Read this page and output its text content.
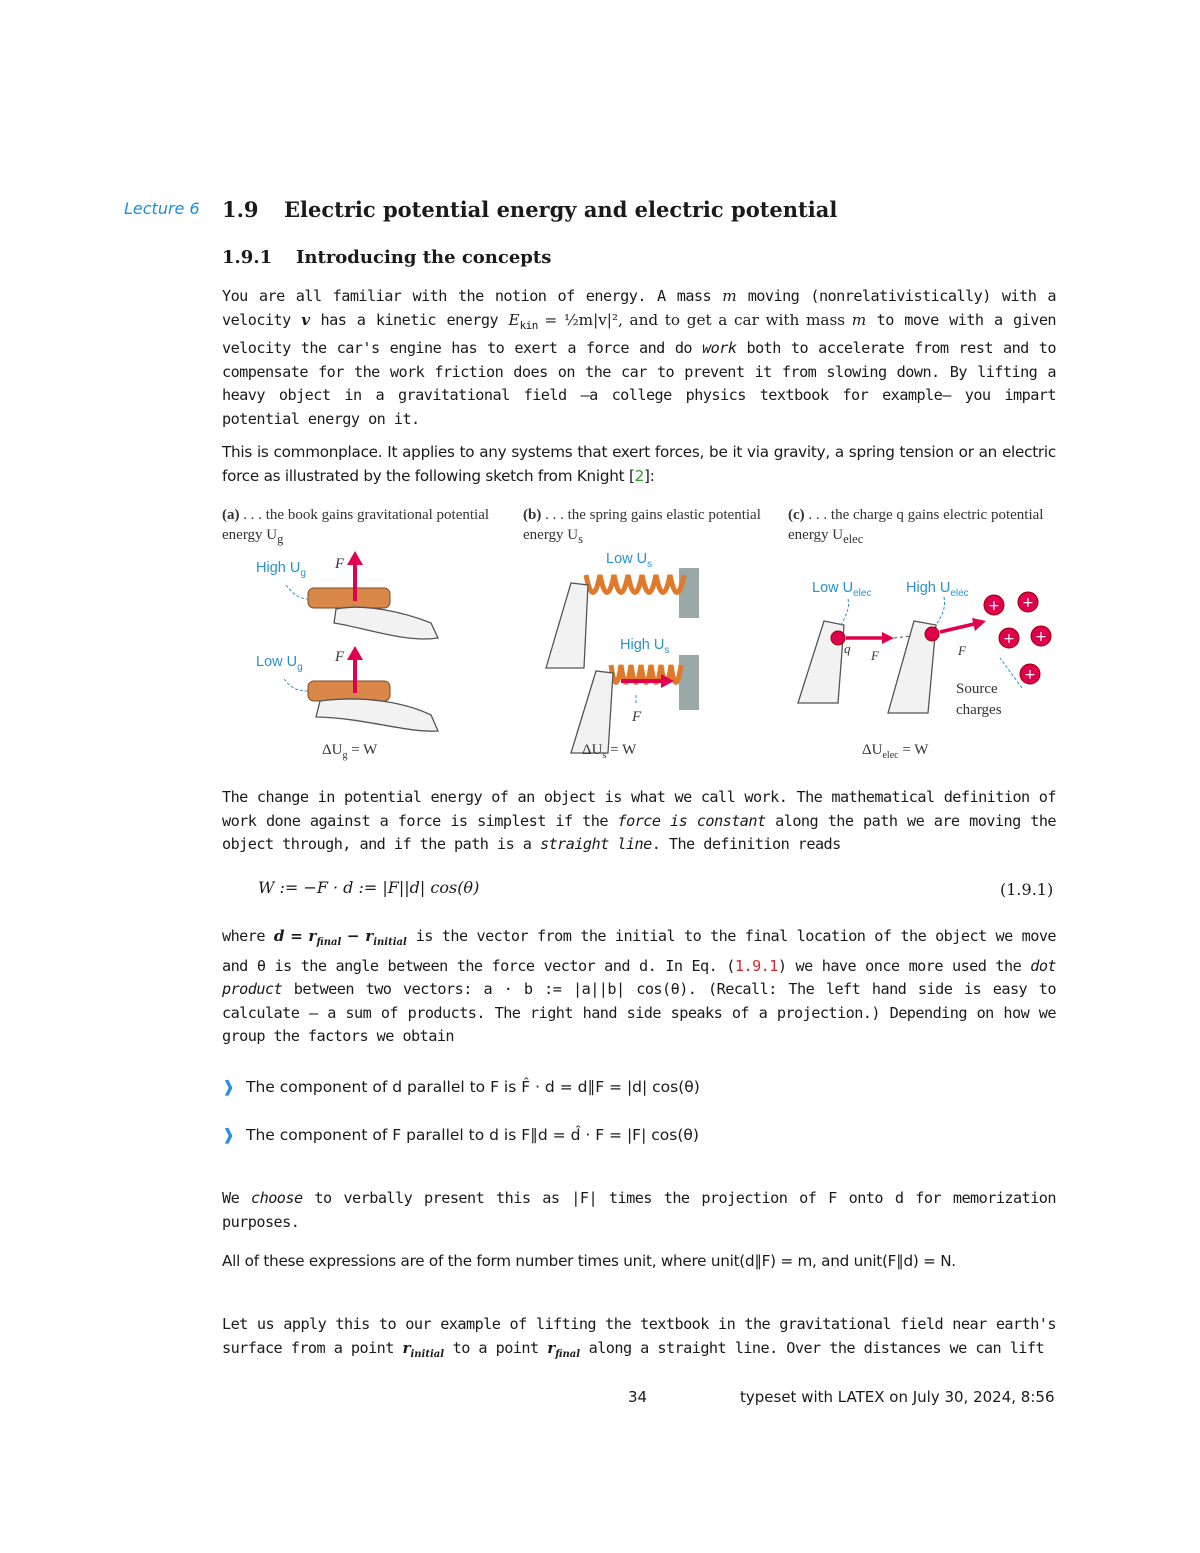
Lecture 6 1.9 Electric potential energy and electric potential
1.9.1 Introducing the concepts
You are all familiar with the notion of energy. A mass m moving (nonrelativistically) with a velocity v has a kinetic energy $E_{kin}$ = ½m|v|², and to get a car with mass m to move with a given velocity the car's engine has to exert a force and do work both to accelerate from rest and to compensate for the work friction does on the car to prevent it from slowing down. By lifting a heavy object in a gravitational field –a college physics textbook for example– you impart potential energy on it.
This is commonplace. It applies to any systems that exert forces, be it via gravity, a spring tension or an electric force as illustrated by the following sketch from Knight [2]:
(a) . . . the book gains gravitational potential energy $U_g$
(b) . . . the spring gains elastic potential energy $U_s$
(c) . . . the charge q gains electric potential energy $U_{elec}$
+ +
+ +
+
High $U_g$
F
Low $U_g$
F
Low $U_s$
High $U_s$
F
Low $U_{elec}$ High $U_{elec}$
q F	F
Source
charges
$\Delta U_g = W$	$\Delta U_s = W$	$\Delta U_{elec} = W$
The change in potential energy of an object is what we call work. The mathematical definition of work done against a force is simplest if the force is constant along the path we are moving the object through, and if the path is a straight line. The definition reads
W := −F · d := |F||d| cos(θ)	(1.9.1)
where $d = r_{final} - r_{initial}$ is the vector from the initial to the final location of the object we move and θ is the angle between the force vector and d. In Eq. (1.9.1) we have once more used the dot product between two vectors: a · b := |a||b| cos(θ). (Recall: The left hand side is easy to calculate – a sum of products. The right hand side speaks of a projection.) Depending on how we group the factors we obtain
❱ The component of d parallel to F is F̂ · d = d∥F = |d| cos(θ)
❱ The component of F parallel to d is F∥d = d̂ · F = |F| cos(θ)
We choose to verbally present this as |F| times the projection of F onto d for memorization purposes.
All of these expressions are of the form number times unit, where unit(d∥F) = m, and unit(F∥d) = N.
Let us apply this to our example of lifting the textbook in the gravitational field near earth's surface from a point $r_{initial}$ to a point $r_{final}$ along a straight line. Over the distances we can lift
34	typeset with LATEX on July 30, 2024, 8:56
